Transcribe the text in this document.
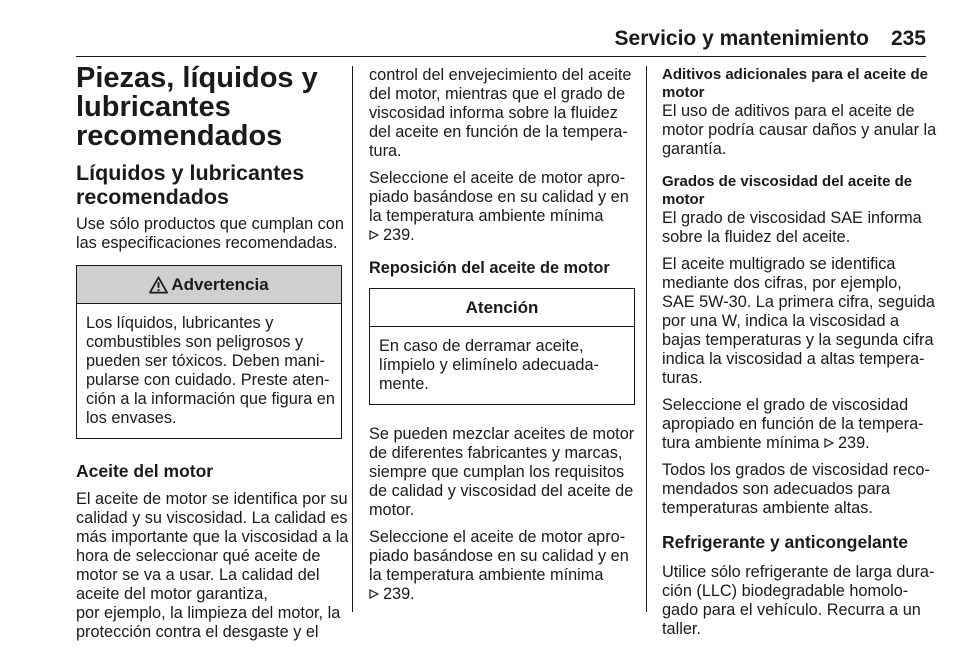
Servicio y mantenimiento 235
Piezas, líquidos y
lubricantes
recomendados
Líquidos y lubricantes
recomendados

Use sólo productos que cumplan con
las especificaciones recomendadas.

Advertencia
Los líquidos, lubricantes y
combustibles son peligrosos y
pueden ser tóxicos. Deben mani-
pularse con cuidado. Preste aten-
ción a la información que figura en
los envases.
Aceite del motor

El aceite de motor se identifica por su
calidad y su viscosidad. La calidad es
más importante que la viscosidad a la
hora de seleccionar qué aceite de
motor se va a usar. La calidad del
aceite del motor garantiza,
por ejemplo, la limpieza del motor, la
protección contra el desgaste y el

control del envejecimiento del aceite
del motor, mientras que el grado de
viscosidad informa sobre la fluidez
del aceite en función de la tempera-
tura.

Seleccione el aceite de motor apro-
piado basándose en su calidad y en
la temperatura ambiente mínima
239.

Reposición del aceite de motor
Atención
En caso de derramar aceite,
límpielo y elimínelo adecuada-
mente.

Se pueden mezclar aceites de motor
de diferentes fabricantes y marcas,
siempre que cumplan los requisitos
de calidad y viscosidad del aceite de
motor.

Seleccione el aceite de motor apro-
piado basándose en su calidad y en
la temperatura ambiente mínima
239.

Aditivos adicionales para el aceite de
motor

El uso de aditivos para el aceite de
motor podría causar daños y anular la
garantía.

Grados de viscosidad del aceite de
motor

El grado de viscosidad SAE informa
sobre la fluidez del aceite.

El aceite multigrado se identifica
mediante dos cifras, por ejemplo,
SAE 5W-30. La primera cifra, seguida
por una W, indica la viscosidad a
bajas temperaturas y la segunda cifra
indica la viscosidad a altas tempera-
turas.

Seleccione el grado de viscosidad
apropiado en función de la tempera-
tura ambiente mínima 239.

Todos los grados de viscosidad reco-
mendados son adecuados para
temperaturas ambiente altas.

Refrigerante y anticongelante

Utilice sólo refrigerante de larga dura-
ción (LLC) biodegradable homolo-
gado para el vehículo. Recurra a un
taller.
